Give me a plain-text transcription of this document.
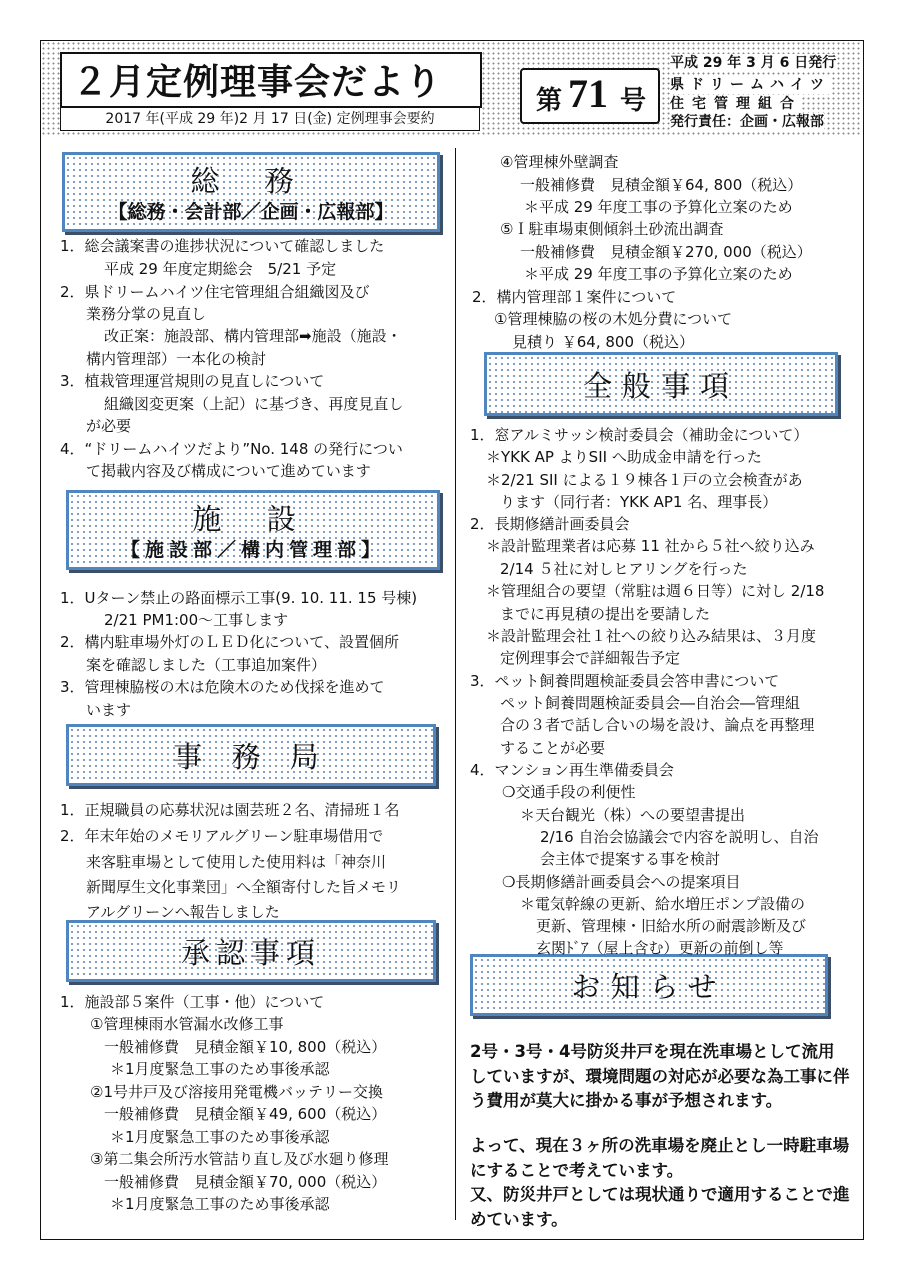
２月定例理事会だより
2017 年(平成 29 年)2 月 17 日(金) 定例理事会要約
第 71 号
平成 29 年 3 月 6 日発行
県ドリームハイツ
住宅管理組合
発行責任：企画・広報部
総 務
【総務・会計部／企画・広報部】
施 設
【施設部／構内管理部】
事 務 局
承認事項
全般事項
お知らせ
1．総会議案書の進捗状況について確認しました
平成 29 年度定期総会　5/21 予定
2．県ドリームハイツ住宅管理組合組織図及び
業務分掌の見直し
改正案：施設部、構内管理部➡施設（施設・
構内管理部）一本化の検討
3．植栽管理運営規則の見直しについて
組織図変更案（上記）に基づき、再度見直し
が必要
4．“ドリームハイツだより”No. 148 の発行につい
て掲載内容及び構成について進めています
1．Uターン禁止の路面標示工事(9. 10. 11. 15 号棟)
2/21 PM1:00～工事します
2．構内駐車場外灯のＬＥＤ化について、設置個所
案を確認しました（工事追加案件）
3．管理棟脇桜の木は危険木のため伐採を進めて
います
1．正規職員の応募状況は園芸班２名、清掃班１名
2．年末年始のメモリアルグリーン駐車場借用で
来客駐車場として使用した使用料は「神奈川
新聞厚生文化事業団」へ全額寄付した旨メモリ
アルグリーンへ報告しました
1．施設部５案件（工事・他）について
①管理棟雨水管漏水改修工事
一般補修費　見積金額￥10, 800（税込）
＊1月度緊急工事のため事後承認
②1号井戸及び溶接用発電機バッテリー交換
一般補修費　見積金額￥49, 600（税込）
＊1月度緊急工事のため事後承認
③第二集会所汚水管詰り直し及び水廻り修理
一般補修費　見積金額￥70, 000（税込）
＊1月度緊急工事のため事後承認
④管理棟外壁調査
一般補修費　見積金額￥64, 800（税込）
＊平成 29 年度工事の予算化立案のため
⑤Ｉ駐車場東側傾斜土砂流出調査
一般補修費　見積金額￥270, 000（税込）
＊平成 29 年度工事の予算化立案のため
2．構内管理部１案件について
①管理棟脇の桜の木処分費について
見積り ￥64, 800（税込）
1．窓アルミサッシ検討委員会（補助金について）
＊YKK AP よりSII へ助成金申請を行った
＊2/21 SII による１９棟各１戸の立会検査があ
ります（同行者：YKK AP1 名、理事長）
2．長期修繕計画委員会
＊設計監理業者は応募 11 社から５社へ絞り込み
2/14 ５社に対しヒアリングを行った
＊管理組合の要望（常駐は週６日等）に対し 2/18
までに再見積の提出を要請した
＊設計監理会社１社への絞り込み結果は、３月度
定例理事会で詳細報告予定
3．ペット飼養問題検証委員会答申書について
ペット飼養問題検証委員会―自治会―管理組
合の３者で話し合いの場を設け、論点を再整理
することが必要
4．マンション再生準備委員会
❍交通手段の利便性
＊天台観光（株）への要望書提出
2/16 自治会協議会で内容を説明し、自治
会主体で提案する事を検討
❍長期修繕計画委員会への提案項目
＊電気幹線の更新、給水増圧ポンプ設備の
更新、管理棟・旧給水所の耐震診断及び
玄関ﾄﾞｱ（屋上含む）更新の前倒し等
2号・3号・4号防災井戸を現在洗車場として流用していますが、環境問題の対応が必要な為工事に伴う費用が莫大に掛かる事が予想されます。
よって、現在３ヶ所の洗車場を廃止とし一時駐車場にすることで考えています。
又、防災井戸としては現状通りで適用することで進めています。
